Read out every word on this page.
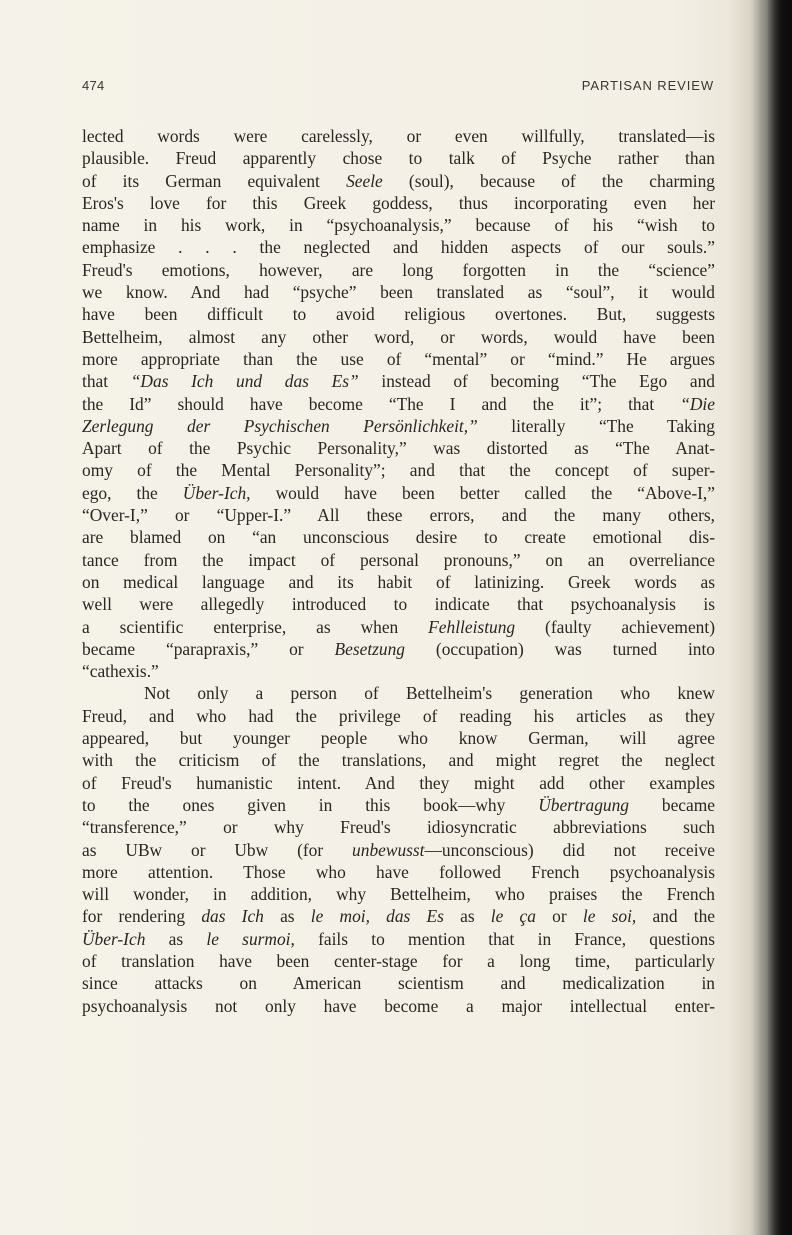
474	PARTISAN REVIEW
lected words were carelessly, or even willfully, translated—is
plausible. Freud apparently chose to talk of Psyche rather than
of its German equivalent Seele (soul), because of the charming
Eros's love for this Greek goddess, thus incorporating even her
name in his work, in “psychoanalysis,” because of his “wish to
emphasize . . . the neglected and hidden aspects of our souls.”
Freud's emotions, however, are long forgotten in the “science”
we know. And had “psyche” been translated as “soul”, it would
have been difficult to avoid religious overtones. But, suggests
Bettelheim, almost any other word, or words, would have been
more appropriate than the use of “mental” or “mind.” He argues
that “Das Ich und das Es” instead of becoming “The Ego and
the Id” should have become “The I and the it”; that “Die
Zerlegung der Psychischen Persönlichkeit,” literally “The Taking
Apart of the Psychic Personality,” was distorted as “The Anat-
omy of the Mental Personality”; and that the concept of super-
ego, the Über-Ich, would have been better called the “Above-I,”
“Over-I,” or “Upper-I.” All these errors, and the many others,
are blamed on “an unconscious desire to create emotional dis-
tance from the impact of personal pronouns,” on an overreliance
on medical language and its habit of latinizing. Greek words as
well were allegedly introduced to indicate that psychoanalysis is
a scientific enterprise, as when Fehlleistung (faulty achievement)
became “parapraxis,” or Besetzung (occupation) was turned into
“cathexis.”
Not only a person of Bettelheim's generation who knew
Freud, and who had the privilege of reading his articles as they
appeared, but younger people who know German, will agree
with the criticism of the translations, and might regret the neglect
of Freud's humanistic intent. And they might add other examples
to the ones given in this book—why Übertragung became
“transference,” or why Freud's idiosyncratic abbreviations such
as UBw or Ubw (for unbewusst—unconscious) did not receive
more attention. Those who have followed French psychoanalysis
will wonder, in addition, why Bettelheim, who praises the French
for rendering das Ich as le moi, das Es as le ça or le soi, and the
Über-Ich as le surmoi, fails to mention that in France, questions
of translation have been center-stage for a long time, particularly
since attacks on American scientism and medicalization in
psychoanalysis not only have become a major intellectual enter-
